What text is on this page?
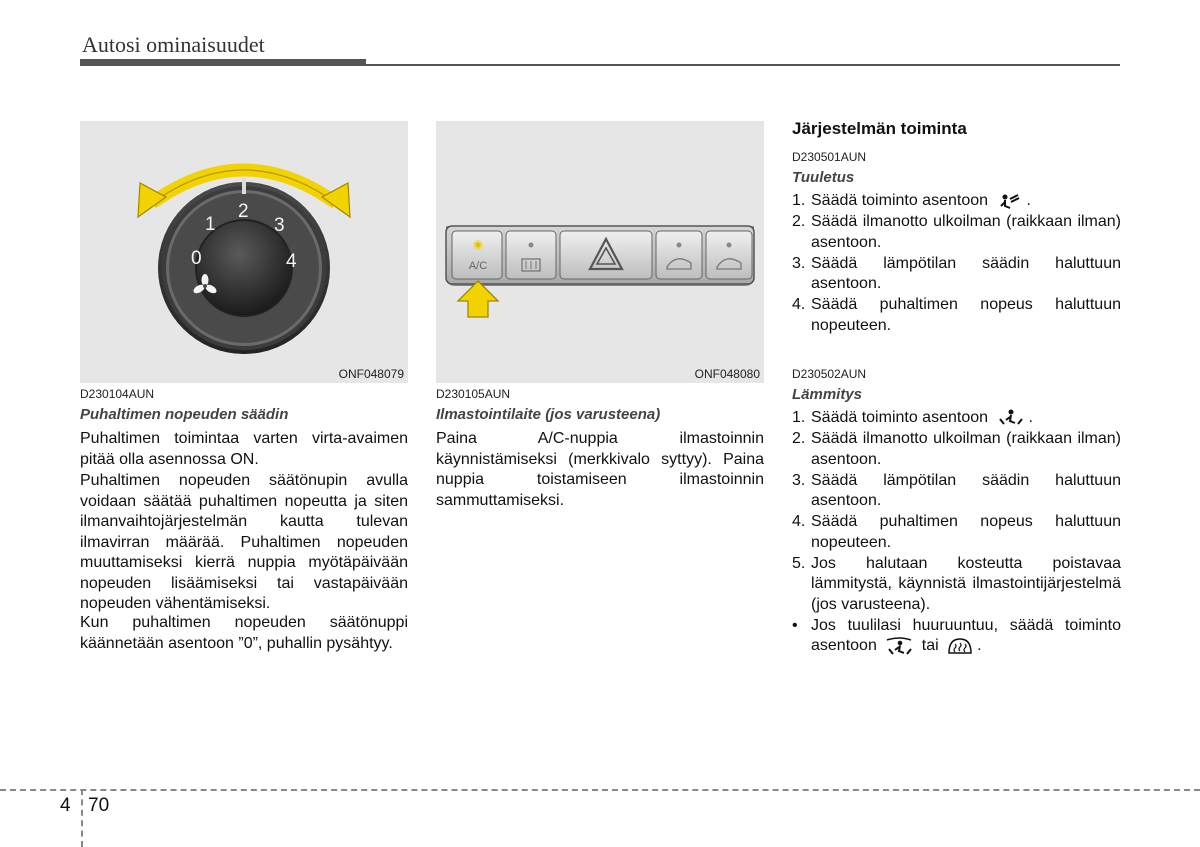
Autosi ominaisuudet
0
1
2
3
4
ONF048079
D230104AUN
Puhaltimen nopeuden säädin
Puhaltimen toimintaa varten virta-avaimen pitää olla asennossa ON.
Puhaltimen nopeuden säätönupin avulla voidaan säätää puhaltimen nopeutta ja siten ilmanvaihtojärjestelmän kautta tulevan ilmavirran määrää. Puhaltimen nopeuden muuttamiseksi kierrä nuppia myötäpäivään nopeuden lisäämiseksi tai vastapäivään nopeuden vähentämiseksi.
Kun puhaltimen nopeuden säätönuppi käännetään asentoon ”0”, puhallin pysähtyy.
A/C
ONF048080
D230105AUN
Ilmastointilaite (jos varusteena)
Paina A/C-nuppia ilmastoinnin käynnistämiseksi (merkkivalo syttyy). Paina nuppia toistamiseen ilmastoinnin sammuttamiseksi.
Järjestelmän toiminta
D230501AUN
Tuuletus
1. Säädä toiminto asentoon .
2. Säädä ilmanotto ulkoilman (raikkaan ilman) asentoon.
3. Säädä lämpötilan säädin haluttuun asentoon.
4. Säädä puhaltimen nopeus haluttuun nopeuteen.
D230502AUN
Lämmitys
1. Säädä toiminto asentoon	.
2. Säädä ilmanotto ulkoilman (raikkaan ilman) asentoon.
3. Säädä lämpötilan säädin haluttuun asentoon.
4. Säädä puhaltimen nopeus haluttuun nopeuteen.
5. Jos halutaan kosteutta poistavaa lämmitystä, käynnistä ilmastointijärjestelmä (jos varusteena).
• Jos tuulilasi huuruuntuu, säädä toiminto asentoon	tai .
4 70
